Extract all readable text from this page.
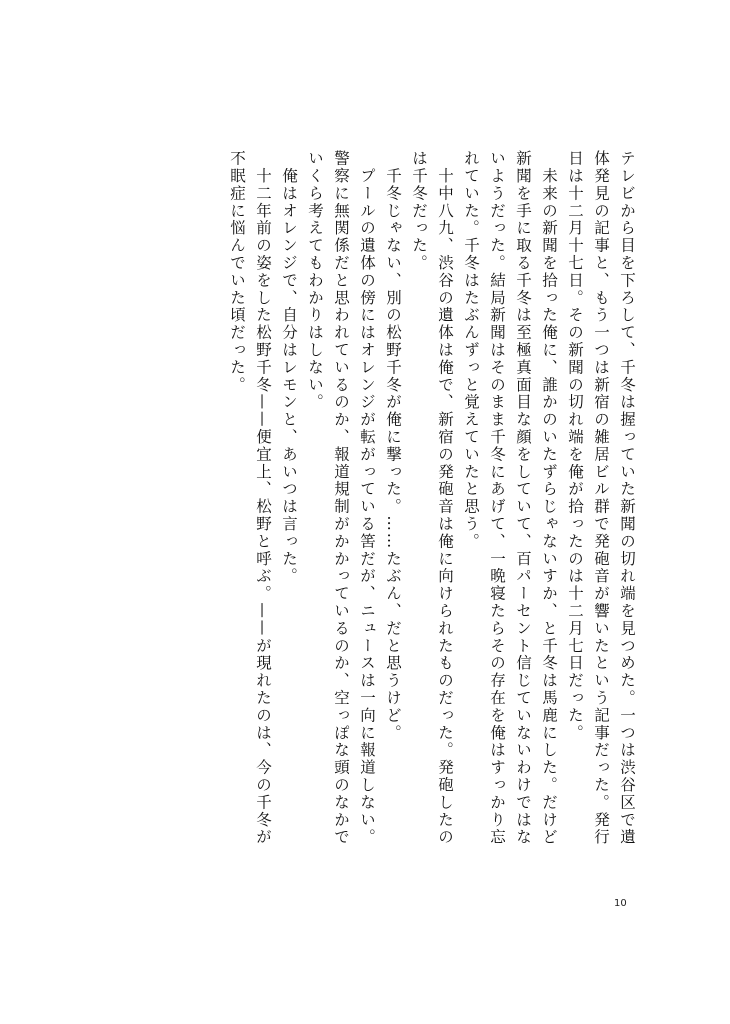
テレビから目を下ろして、千冬は握っていた新聞の切れ端を見つめた。一つは渋谷区で遺体発見の記事と、もう一つは新宿の雑居ビル群で発砲音が響いたという記事だった。発行日は十二月十七日。その新聞の切れ端を俺が拾ったのは十二月七日だった。

　未来の新聞を拾った俺に、誰かのいたずらじゃないすか、と千冬は馬鹿にした。だけど新聞を手に取る千冬は至極真面目な顔をしていて、百パーセント信じていないわけではないようだった。結局新聞はそのまま千冬にあげて、一晩寝たらその存在を俺はすっかり忘れていた。千冬はたぶんずっと覚えていたと思う。

　十中八九、渋谷の遺体は俺で、新宿の発砲音は俺に向けられたものだった。発砲したのは千冬だった。

　千冬じゃない、別の松野千冬が俺に撃った。……たぶん、だと思うけど。

　プールの遺体の傍にはオレンジが転がっている筈だが、ニュースは一向に報道しない。警察に無関係だと思われているのか、報道規制がかかっているのか、空っぽな頭のなかでいくら考えてもわかりはしない。

　俺はオレンジで、自分はレモンと、あいつは言った。

　十二年前の姿をした松野千冬——便宜上、松野と呼ぶ。——が現れたのは、今の千冬が不眠症に悩んでいた頃だった。

10
